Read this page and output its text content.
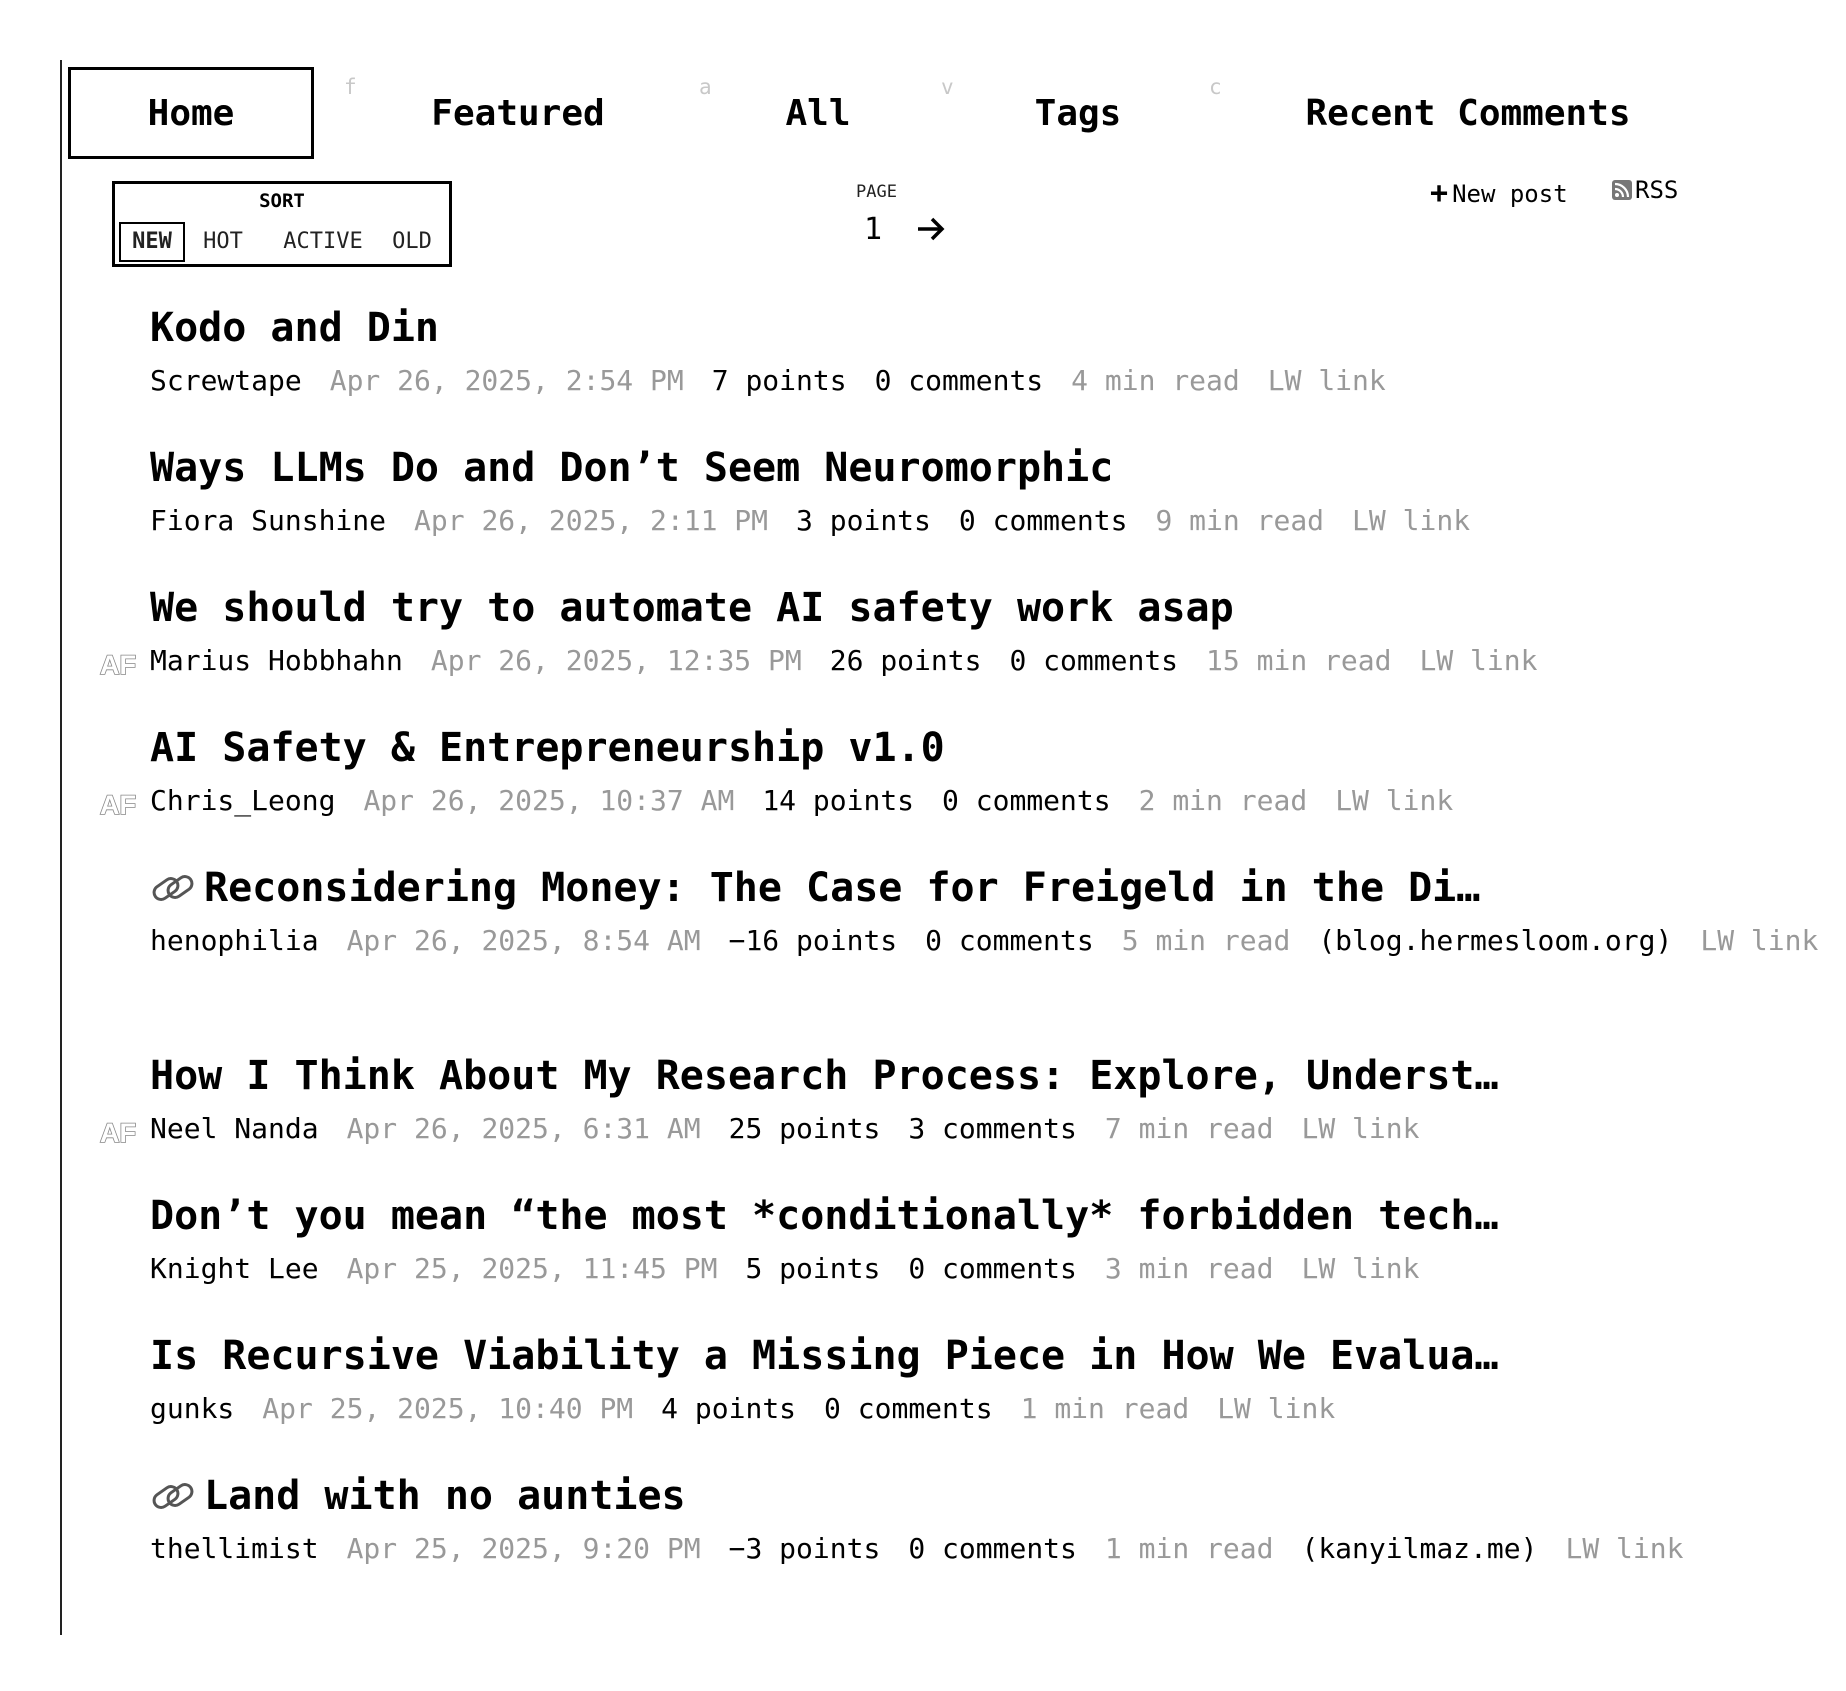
Home
f
Featured
a
All
v
Tags
c
Recent Comments
SORT
NEW	HOT	ACTIVE	OLD
PAGE
1
+ New post	RSS
Kodo and Din
Screwtape Apr 26, 2025, 2:54 PM 7 points 0 comments 4 min read LW link
Ways LLMs Do and Don’t Seem Neuromorphic
Fiora Sunshine Apr 26, 2025, 2:11 PM 3 points 0 comments 9 min read LW link
AF
We should try to automate AI safety work asap
Marius Hobbhahn Apr 26, 2025, 12:35 PM 26 points 0 comments 15 min read LW link
AF
AI Safety & Entrepreneurship v1.0
Chris_Leong Apr 26, 2025, 10:37 AM 14 points 0 comments 2 min read LW link
Reconsidering Money: The Case for Freigeld in the Di…
henophilia Apr 26, 2025, 8:54 AM −16 points 0 comments 5 min read (blog.hermesloom.org) LW link
AF
How I Think About My Research Process: Explore, Underst…
Neel Nanda Apr 26, 2025, 6:31 AM 25 points 3 comments 7 min read LW link
Don’t you mean “the most *conditionally* forbidden tech…
Knight Lee Apr 25, 2025, 11:45 PM 5 points 0 comments 3 min read LW link
Is Recursive Viability a Missing Piece in How We Evalua…
gunks Apr 25, 2025, 10:40 PM 4 points 0 comments 1 min read LW link
Land with no aunties
thellimist Apr 25, 2025, 9:20 PM −3 points 0 comments 1 min read (kanyilmaz.me) LW link
